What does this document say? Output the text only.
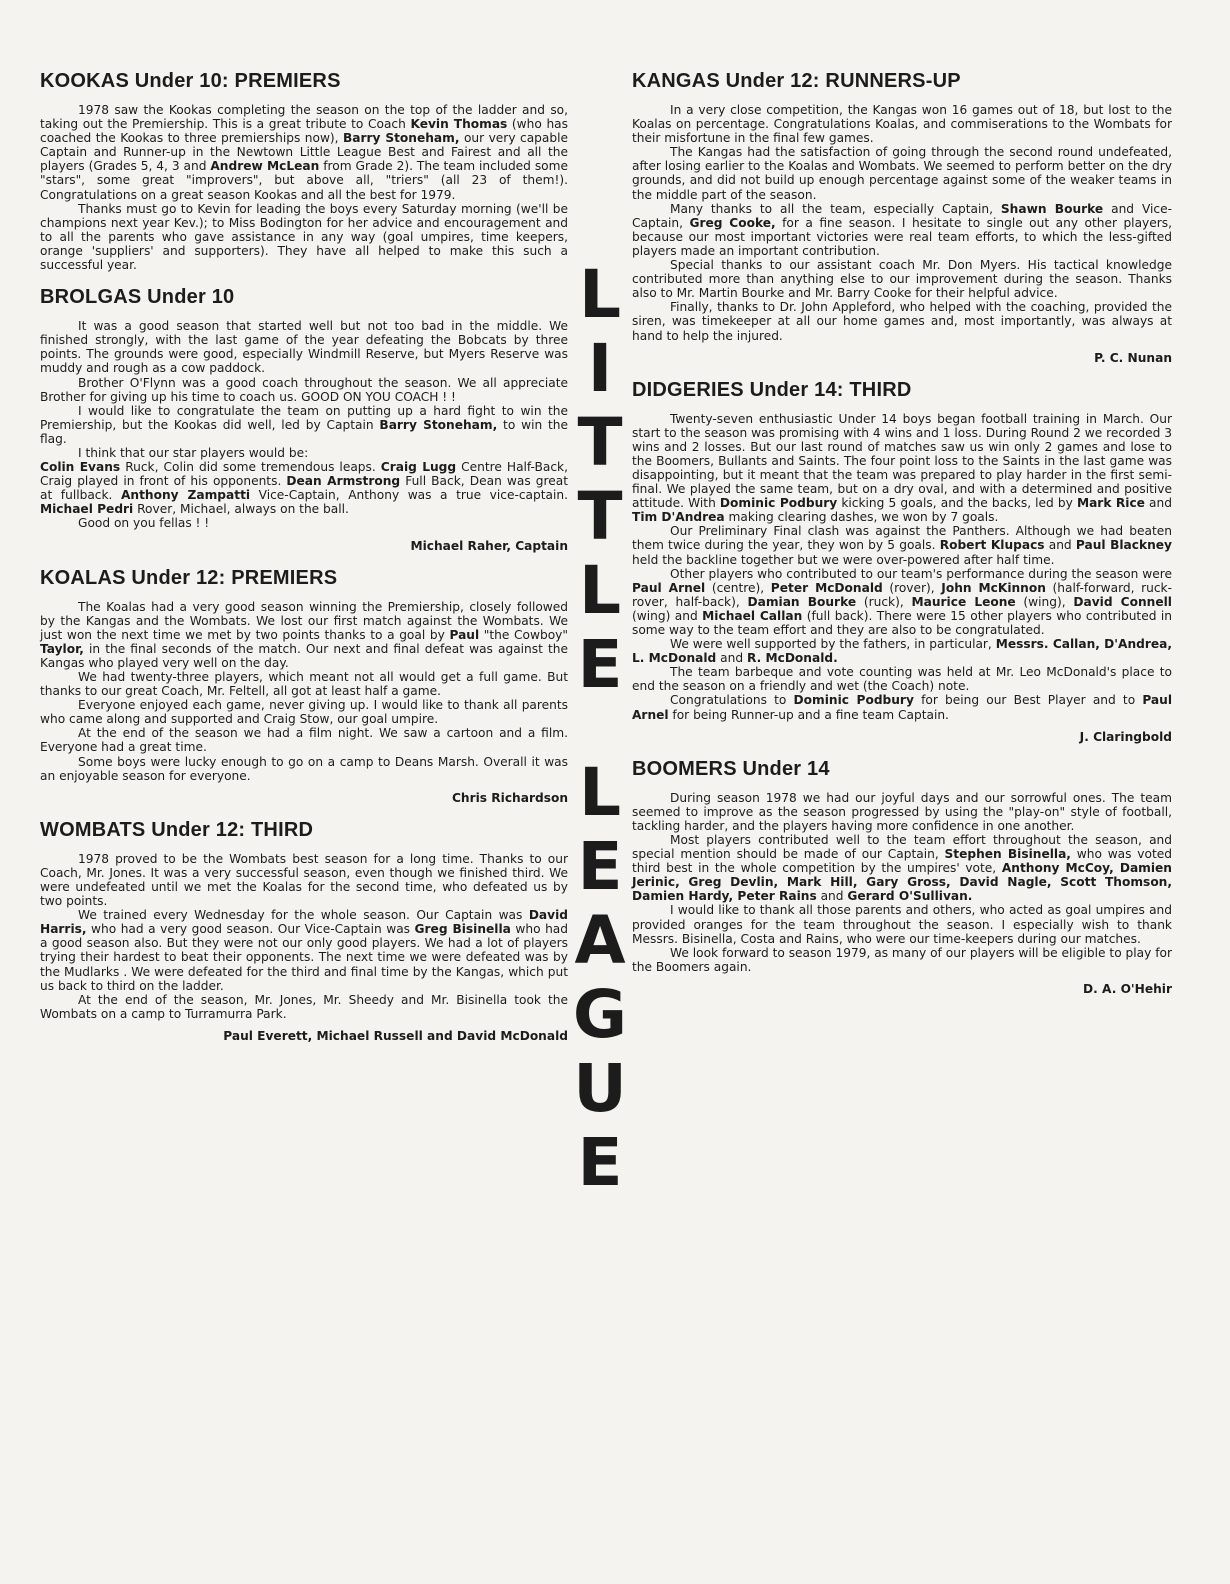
KOOKAS Under 10: PREMIERS

1978 saw the Kookas completing the season on the top of the ladder and so, taking out the Premiership. This is a great tribute to Coach Kevin Thomas (who has coached the Kookas to three premierships now), Barry Stoneham, our very capable Captain and Runner-up in the Newtown Little League Best and Fairest and all the players (Grades 5, 4, 3 and Andrew McLean from Grade 2). The team included some "stars", some great "improvers", but above all, "triers" (all 23 of them!). Congratulations on a great season Kookas and all the best for 1979.

Thanks must go to Kevin for leading the boys every Saturday morning (we'll be champions next year Kev.); to Miss Bodington for her advice and encouragement and to all the parents who gave assistance in any way (goal umpires, time keepers, orange 'suppliers' and supporters). They have all helped to make this such a successful year.

BROLGAS Under 10

It was a good season that started well but not too bad in the middle. We finished strongly, with the last game of the year defeating the Bobcats by three points. The grounds were good, especially Windmill Reserve, but Myers Reserve was muddy and rough as a cow paddock.

Brother O'Flynn was a good coach throughout the season. We all appreciate Brother for giving up his time to coach us. GOOD ON YOU COACH ! !

I would like to congratulate the team on putting up a hard fight to win the Premiership, but the Kookas did well, led by Captain Barry Stoneham, to win the flag.

I think that our star players would be:

Colin Evans Ruck, Colin did some tremendous leaps. Craig Lugg Centre Half-Back, Craig played in front of his opponents. Dean Armstrong Full Back, Dean was great at fullback. Anthony Zampatti Vice-Captain, Anthony was a true vice-captain. Michael Pedri Rover, Michael, always on the ball.

Good on you fellas ! !

Michael Raher, Captain
KOALAS Under 12: PREMIERS

The Koalas had a very good season winning the Premiership, closely followed by the Kangas and the Wombats. We lost our first match against the Wombats. We just won the next time we met by two points thanks to a goal by Paul "the Cowboy" Taylor, in the final seconds of the match. Our next and final defeat was against the Kangas who played very well on the day.

We had twenty-three players, which meant not all would get a full game. But thanks to our great Coach, Mr. Feltell, all got at least half a game.

Everyone enjoyed each game, never giving up. I would like to thank all parents who came along and supported and Craig Stow, our goal umpire.

At the end of the season we had a film night. We saw a cartoon and a film. Everyone had a great time.

Some boys were lucky enough to go on a camp to Deans Marsh. Overall it was an enjoyable season for everyone.

Chris Richardson
WOMBATS Under 12: THIRD

1978 proved to be the Wombats best season for a long time. Thanks to our Coach, Mr. Jones. It was a very successful season, even though we finished third. We were undefeated until we met the Koalas for the second time, who defeated us by two points.

We trained every Wednesday for the whole season. Our Captain was David Harris, who had a very good season. Our Vice-Captain was Greg Bisinella who had a good season also. But they were not our only good players. We had a lot of players trying their hardest to beat their opponents. The next time we were defeated was by the Mudlarks . We were defeated for the third and final time by the Kangas, which put us back to third on the ladder.

At the end of the season, Mr. Jones, Mr. Sheedy and Mr. Bisinella took the Wombats on a camp to Turramurra Park.

Paul Everett, Michael Russell and David McDonald
L
I
T
T
L
E
L
E
A
G
U
E
KANGAS Under 12: RUNNERS-UP

In a very close competition, the Kangas won 16 games out of 18, but lost to the Koalas on percentage. Congratulations Koalas, and commiserations to the Wombats for their misfortune in the final few games.

The Kangas had the satisfaction of going through the second round undefeated, after losing earlier to the Koalas and Wombats. We seemed to perform better on the dry grounds, and did not build up enough percentage against some of the weaker teams in the middle part of the season.

Many thanks to all the team, especially Captain, Shawn Bourke and Vice-Captain, Greg Cooke, for a fine season. I hesitate to single out any other players, because our most important victories were real team efforts, to which the less-gifted players made an important contribution.

Special thanks to our assistant coach Mr. Don Myers. His tactical knowledge contributed more than anything else to our improvement during the season. Thanks also to Mr. Martin Bourke and Mr. Barry Cooke for their helpful advice.

Finally, thanks to Dr. John Appleford, who helped with the coaching, provided the siren, was timekeeper at all our home games and, most importantly, was always at hand to help the injured.

P. C. Nunan
DIDGERIES Under 14: THIRD

Twenty-seven enthusiastic Under 14 boys began football training in March. Our start to the season was promising with 4 wins and 1 loss. During Round 2 we recorded 3 wins and 2 losses. But our last round of matches saw us win only 2 games and lose to the Boomers, Bullants and Saints. The four point loss to the Saints in the last game was disappointing, but it meant that the team was prepared to play harder in the first semi-final. We played the same team, but on a dry oval, and with a determined and positive attitude. With Dominic Podbury kicking 5 goals, and the backs, led by Mark Rice and Tim D'Andrea making clearing dashes, we won by 7 goals.

Our Preliminary Final clash was against the Panthers. Although we had beaten them twice during the year, they won by 5 goals. Robert Klupacs and Paul Blackney held the backline together but we were over-powered after half time.

Other players who contributed to our team's performance during the season were Paul Arnel (centre), Peter McDonald (rover), John McKinnon (half-forward, ruck-rover, half-back), Damian Bourke (ruck), Maurice Leone (wing), David Connell (wing) and Michael Callan (full back). There were 15 other players who contributed in some way to the team effort and they are also to be congratulated.

We were well supported by the fathers, in particular, Messrs. Callan, D'Andrea, L. McDonald and R. McDonald.

The team barbeque and vote counting was held at Mr. Leo McDonald's place to end the season on a friendly and wet (the Coach) note.

Congratulations to Dominic Podbury for being our Best Player and to Paul Arnel for being Runner-up and a fine team Captain.

J. Claringbold
BOOMERS Under 14

During season 1978 we had our joyful days and our sorrowful ones. The team seemed to improve as the season progressed by using the "play-on" style of football, tackling harder, and the players having more confidence in one another.

Most players contributed well to the team effort throughout the season, and special mention should be made of our Captain, Stephen Bisinella, who was voted third best in the whole competition by the umpires' vote, Anthony McCoy, Damien Jerinic, Greg Devlin, Mark Hill, Gary Gross, David Nagle, Scott Thomson, Damien Hardy, Peter Rains and Gerard O'Sullivan.

I would like to thank all those parents and others, who acted as goal umpires and provided oranges for the team throughout the season. I especially wish to thank Messrs. Bisinella, Costa and Rains, who were our time-keepers during our matches.

We look forward to season 1979, as many of our players will be eligible to play for the Boomers again.

D. A. O'Hehir
